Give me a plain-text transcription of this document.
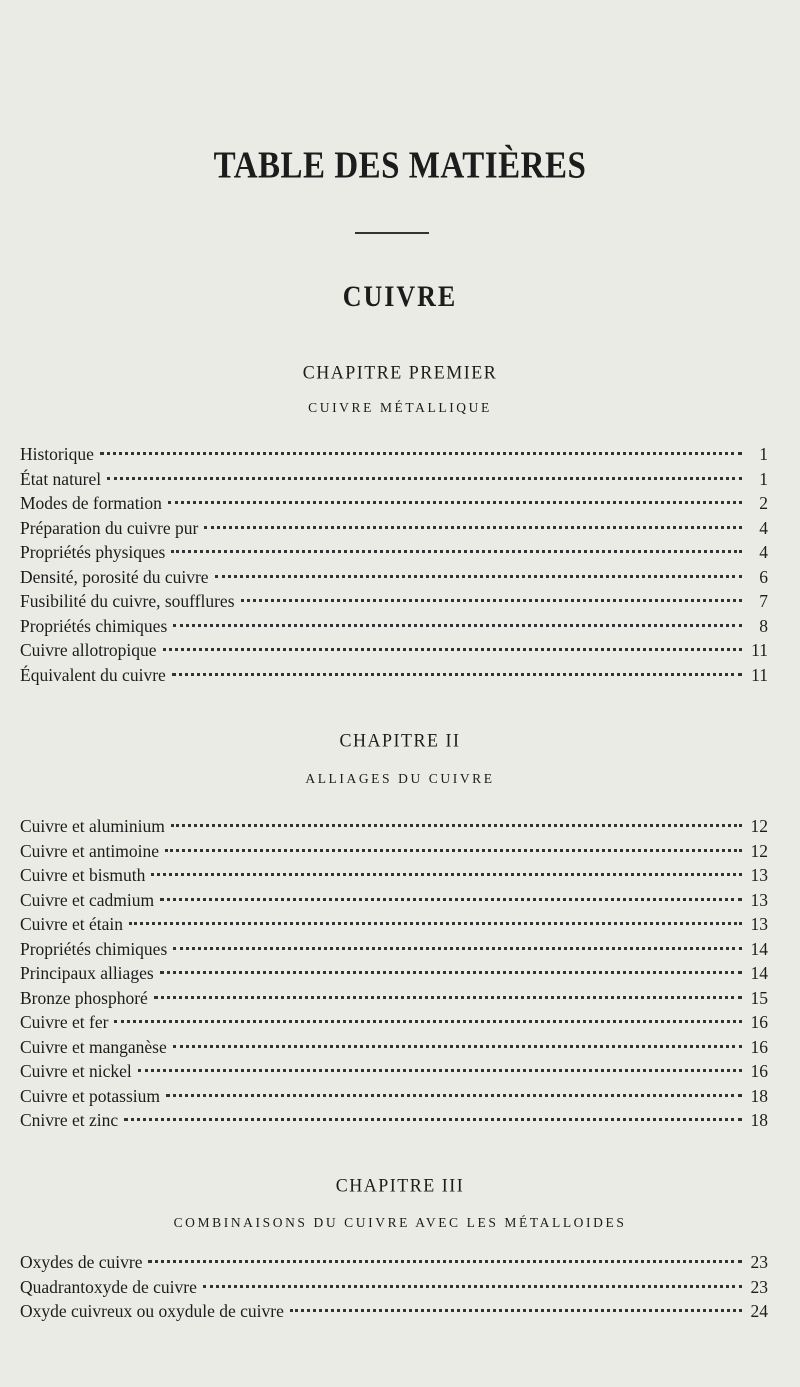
TABLE DES MATIÈRES
CUIVRE
CHAPITRE PREMIER
CUIVRE MÉTALLIQUE
Historique	1
État naturel	1
Modes de formation	2
Préparation du cuivre pur	4
Propriétés physiques	4
Densité, porosité du cuivre	6
Fusibilité du cuivre, soufflures	7
Propriétés chimiques	8
Cuivre allotropique	11
Équivalent du cuivre	11
CHAPITRE II
ALLIAGES DU CUIVRE
Cuivre et aluminium	12
Cuivre et antimoine	12
Cuivre et bismuth	13
Cuivre et cadmium	13
Cuivre et étain	13
Propriétés chimiques	14
Principaux alliages	14
Bronze phosphoré	15
Cuivre et fer	16
Cuivre et manganèse	16
Cuivre et nickel	16
Cuivre et potassium	18
Cnivre et zinc	18
CHAPITRE III
COMBINAISONS DU CUIVRE AVEC LES MÉTALLOIDES
Oxydes de cuivre	23
Quadrantoxyde de cuivre	23
Oxyde cuivreux ou oxydule de cuivre	24
